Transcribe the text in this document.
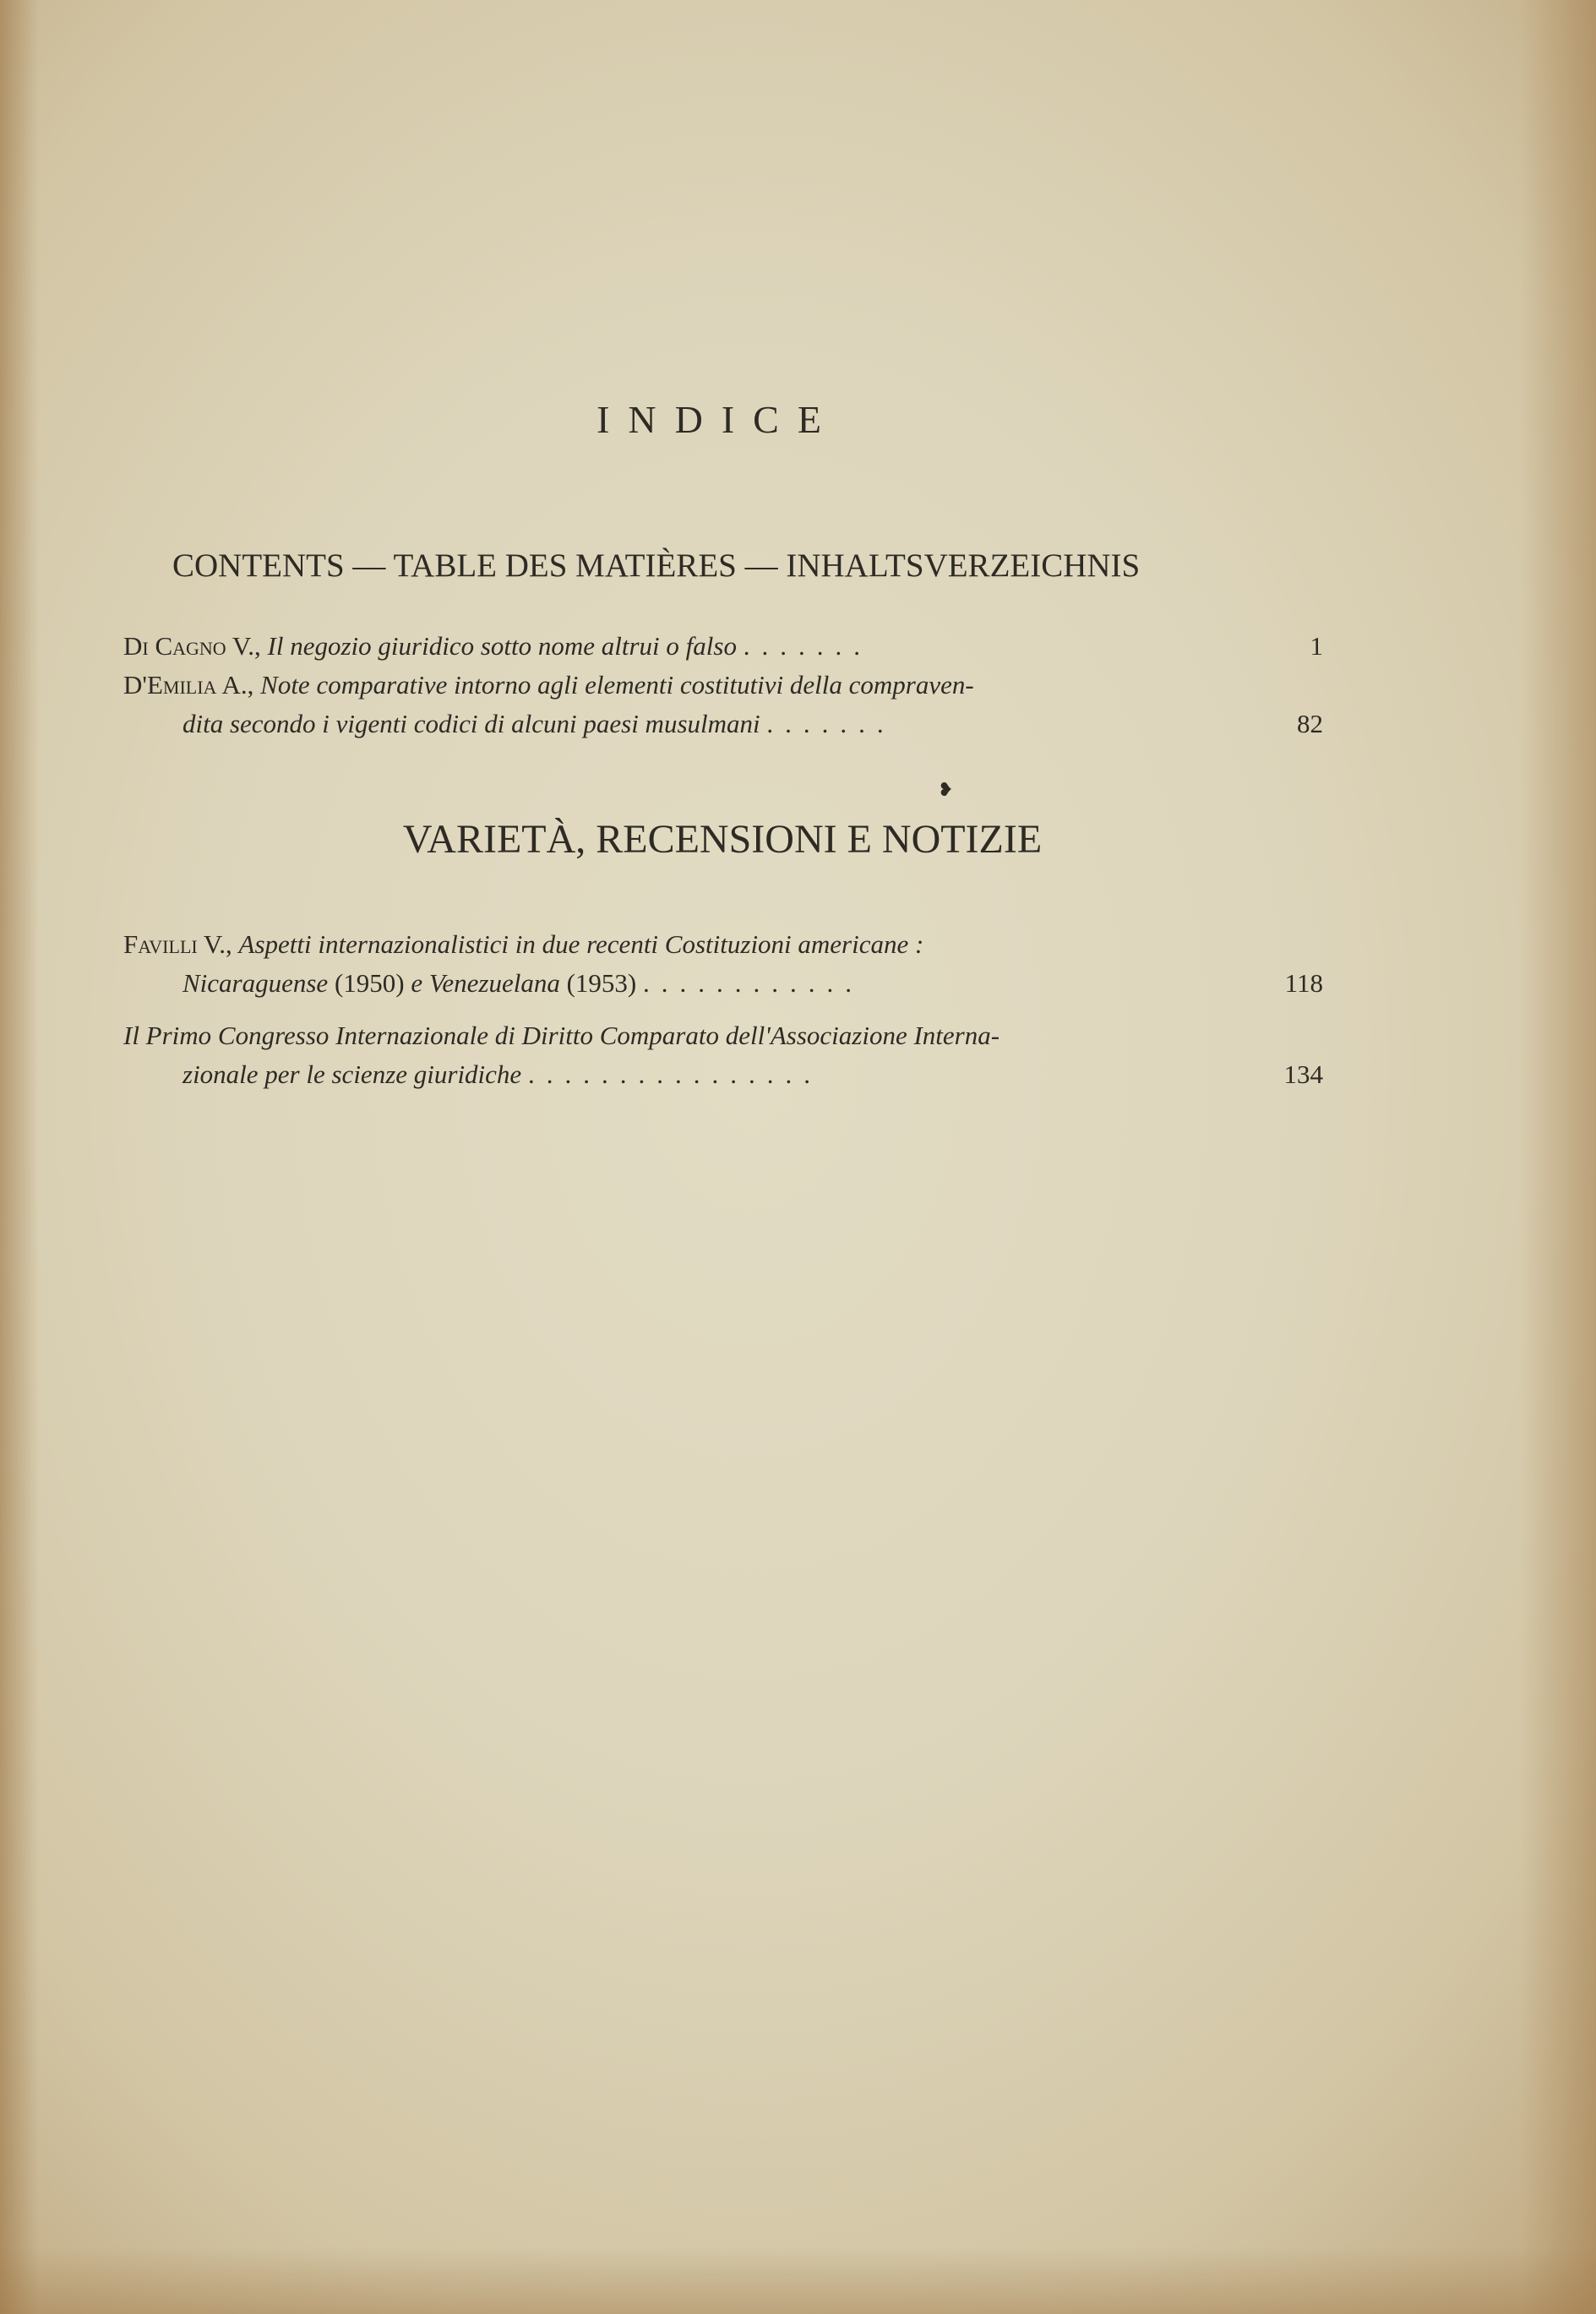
INDICE
CONTENTS — TABLE DES MATIÈRES — INHALTSVERZEICHNIS
Di Cagno V., Il negozio giuridico sotto nome altrui o falso .......	1
D'Emilia A., Note comparative intorno agli elementi costitutivi della compraven-
dita secondo i vigenti codici di alcuni paesi musulmani .......	82
❥
VARIETÀ, RECENSIONI E NOTIZIE
Favilli V., Aspetti internazionalistici in due recenti Costituzioni americane :
Nicaraguense (1950) e Venezuelana (1953) ............	118
Il Primo Congresso Internazionale di Diritto Comparato dell'Associazione Interna-
zionale per le scienze giuridiche ................	134
